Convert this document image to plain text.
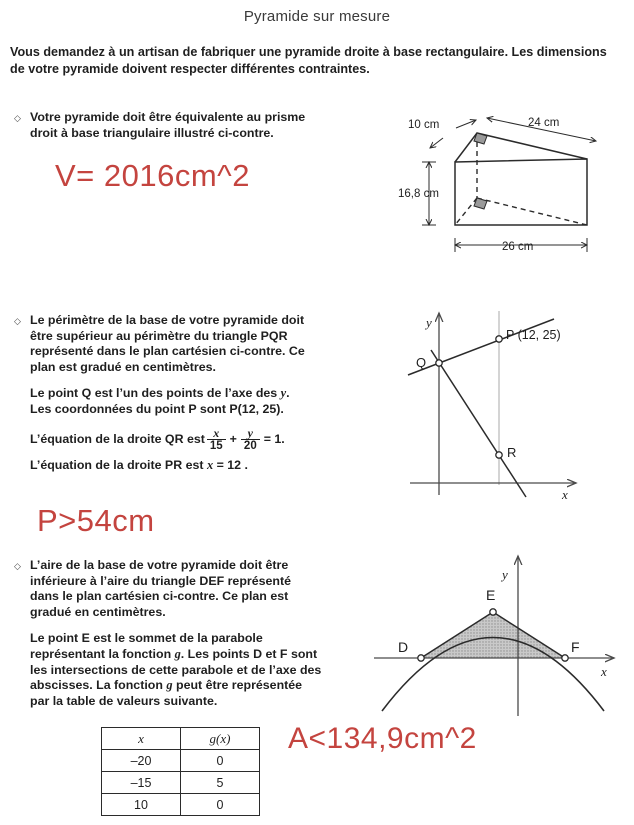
Pyramide sur mesure
Vous demandez à un artisan de fabriquer une pyramide droite à base rectangulaire. Les dimensions de votre pyramide doivent respecter différentes contraintes.
◇ Votre pyramide doit être équivalente au prisme
droit à base triangulaire illustré ci-contre.
V= 2016cm^2
24 cm
10 cm
16,8 cm
26 cm
◇ Le périmètre de la base de votre pyramide doit
être supérieur au périmètre du triangle PQR
représenté dans le plan cartésien ci-contre. Ce
plan est gradué en centimètres.
Le point Q est l’un des points de l’axe des y.
Les coordonnées du point P sont P(12, 25).
L’équation de la droite QR est $\frac{x}{15} + \frac{y}{20} = 1$.
L’équation de la droite PR est x = 12 .
P>54cm
Q
P (12, 25)
R
y
x
◇ L’aire de la base de votre pyramide doit être
inférieure à l’aire du triangle DEF représenté
dans le plan cartésien ci-contre. Ce plan est
gradué en centimètres.
Le point E est le sommet de la parabole
représentant la fonction g. Les points D et F sont
les intersections de cette parabole et de l’axe des
abscisses. La fonction g peut être représentée
par la table de valeurs suivante.
A<134,9cm^2
D
E
F
y
x
x	g(x)
–20	0
–15	5
10	0
